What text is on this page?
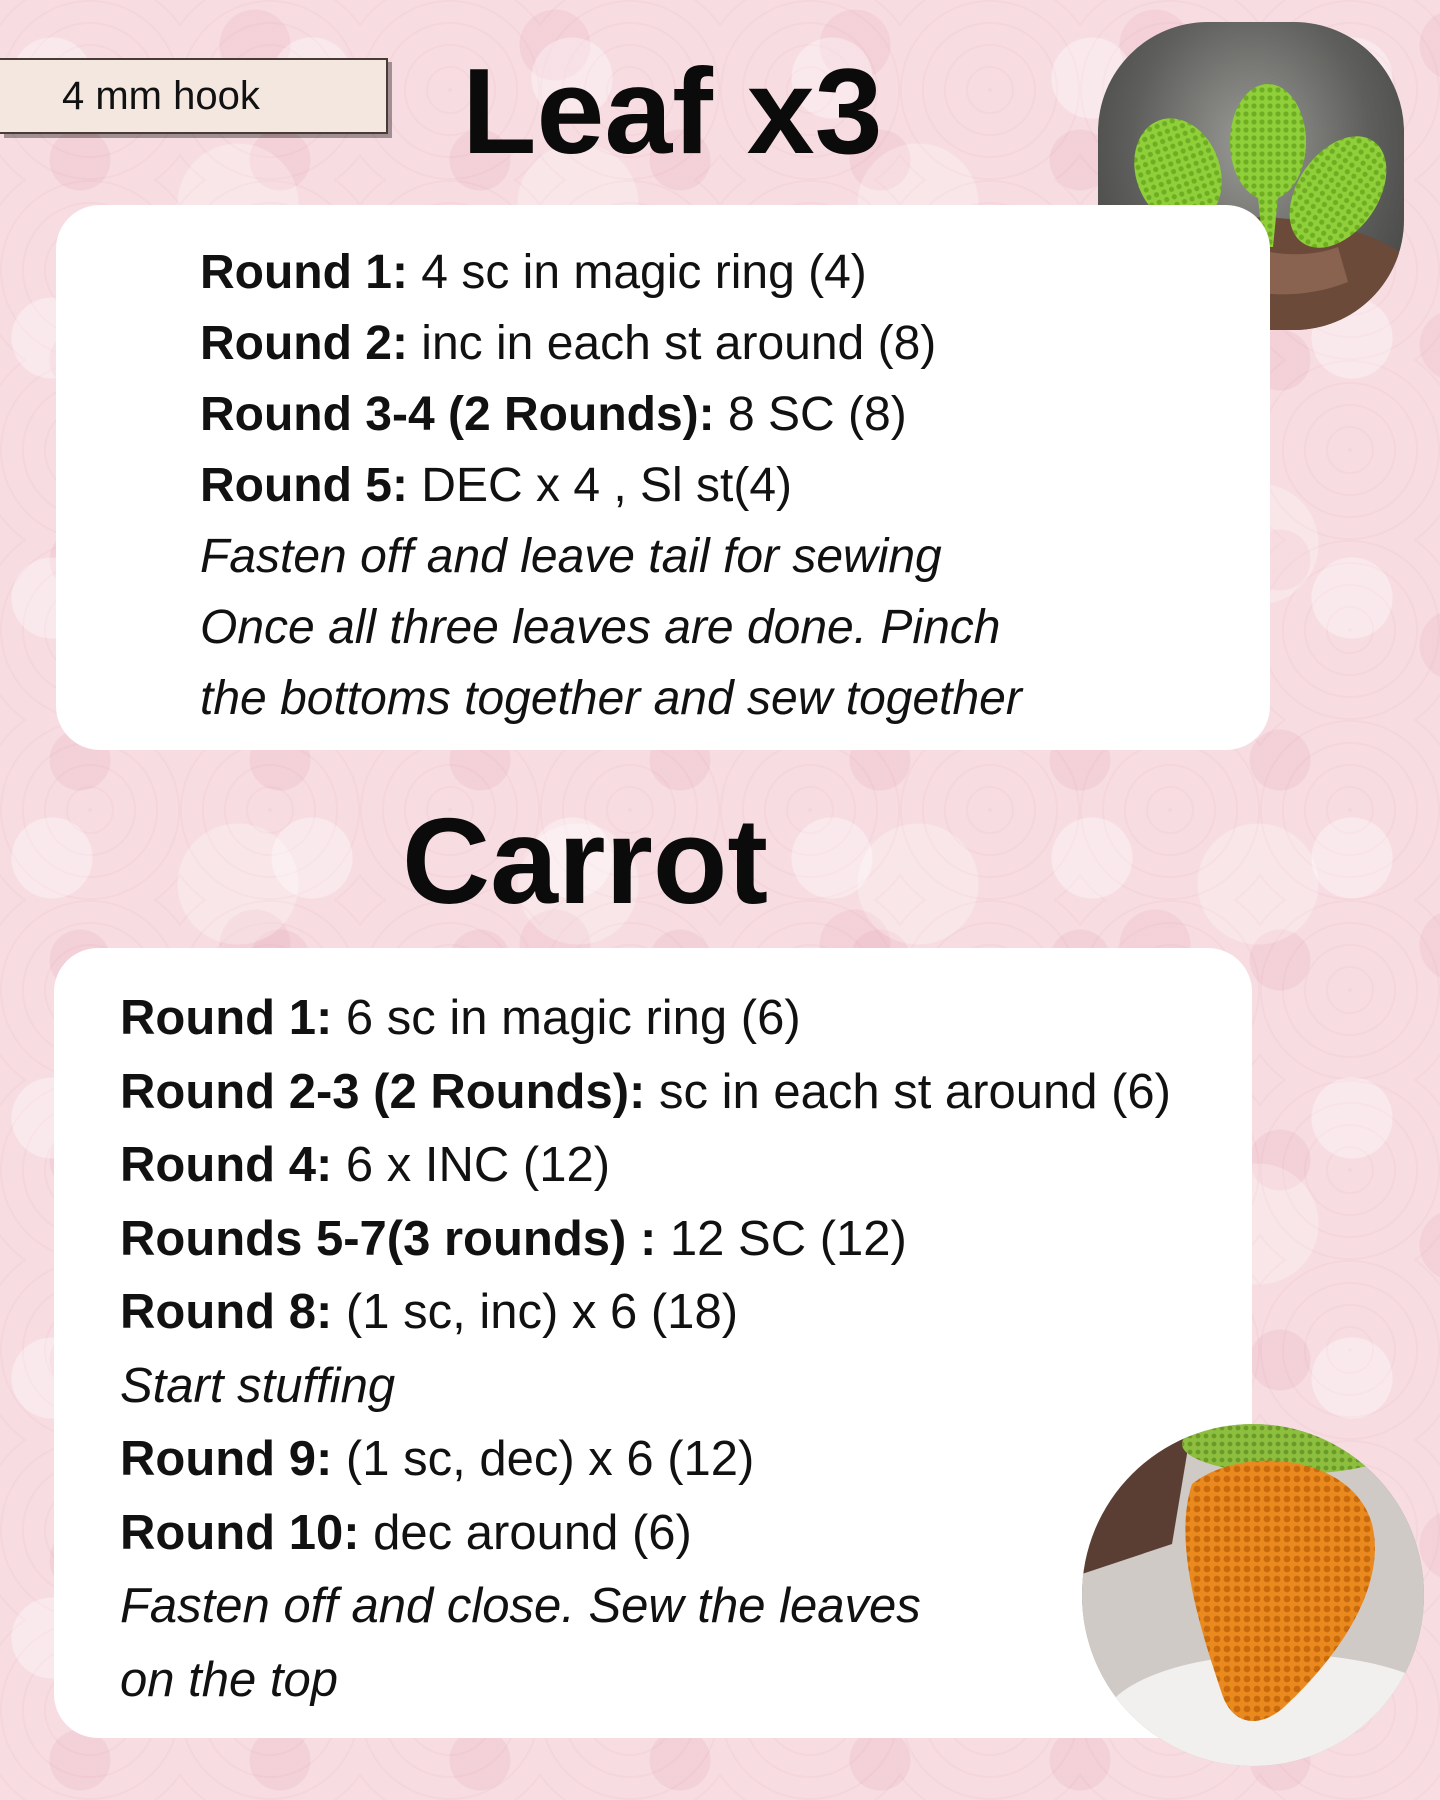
4 mm hook Leaf x3
Round 1: 4 sc in magic ring (4)
Round 2: inc in each st around (8)
Round 3-4 (2 Rounds): 8 SC (8)
Round 5: DEC x 4 , Sl st(4)
Fasten off and leave tail for sewing
Once all three leaves are done. Pinch
the bottoms together and sew together
Carrot
Round 1: 6 sc in magic ring (6)
Round 2-3 (2 Rounds): sc in each st around (6)
Round 4: 6 x INC (12)
Rounds 5-7(3 rounds) : 12 SC (12)
Round 8: (1 sc, inc) x 6 (18)
Start stuffing
Round 9: (1 sc, dec) x 6 (12)
Round 10: dec around (6)
Fasten off and close. Sew the leaves
on the top
